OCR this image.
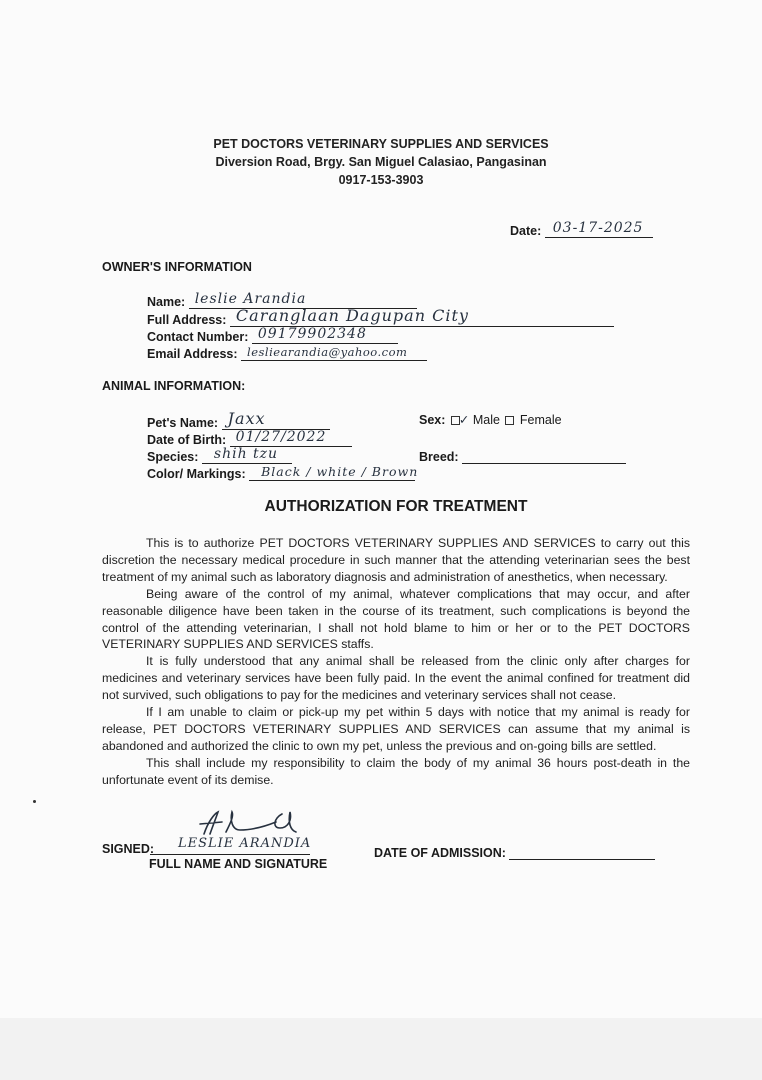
PET DOCTORS VETERINARY SUPPLIES AND SERVICES
Diversion Road, Brgy. San Miguel Calasiao, Pangasinan
0917-153-3903
Date: 03-17-2025
OWNER'S INFORMATION
Name: leslie Arandia
Full Address: Caranglaan Dagupan City
Contact Number: 09179902348
Email Address: lesliearandia@yahoo.com
ANIMAL INFORMATION:
Pet's Name: Jaxx
Date of Birth: 01/27/2022
Species: shih tzu
Color/ Markings: Black / white / Brown
Sex: ✓ Male Female
Breed:
AUTHORIZATION FOR TREATMENT

This is to authorize PET DOCTORS VETERINARY SUPPLIES AND SERVICES to carry out this discretion the necessary medical procedure in such manner that the attending veterinarian sees the best treatment of my animal such as laboratory diagnosis and administration of anesthetics, when necessary.

Being aware of the control of my animal, whatever complications that may occur, and after reasonable diligence have been taken in the course of its treatment, such complications is beyond the control of the attending veterinarian, I shall not hold blame to him or her or to the PET DOCTORS VETERINARY SUPPLIES AND SERVICES staffs.

It is fully understood that any animal shall be released from the clinic only after charges for medicines and veterinary services have been fully paid. In the event the animal confined for treatment did not survived, such obligations to pay for the medicines and veterinary services shall not cease.

If I am unable to claim or pick-up my pet within 5 days with notice that my animal is ready for release, PET DOCTORS VETERINARY SUPPLIES AND SERVICES can assume that my animal is abandoned and authorized the clinic to own my pet, unless the previous and on-going bills are settled.

This shall include my responsibility to claim the body of my animal 36 hours post-death in the unfortunate event of its demise.

SIGNED: LESLIE ARANDIA
FULL NAME AND SIGNATURE
DATE OF ADMISSION:
